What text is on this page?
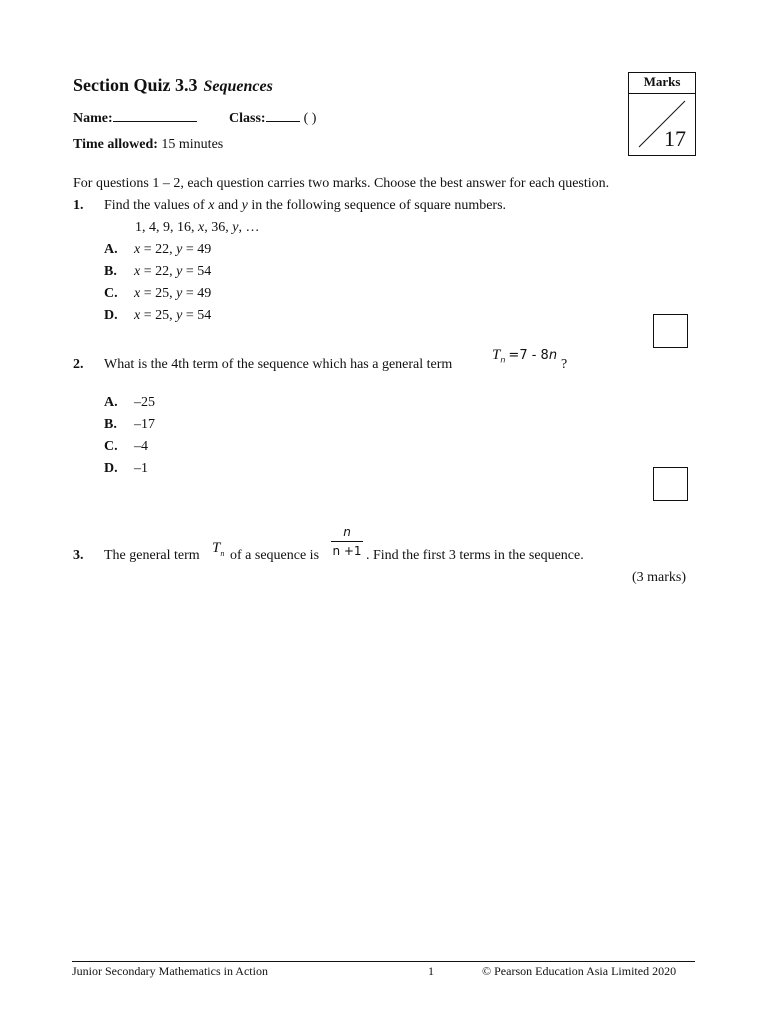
Section Quiz 3.3 Sequences
Name:	Class:	( )
Time allowed: 15 minutes
Marks
17
For questions 1 – 2, each question carries two marks. Choose the best answer for each question.
1. Find the values of x and y in the following sequence of square numbers.
1, 4, 9, 16, x, 36, y, …
A. x = 22, y = 49
B. x = 22, y = 54
C. x = 25, y = 49
D. x = 25, y = 54
2. What is the 4th term of the sequence which has a general term
$T_n =7 - 8n$
?
A. –25
B. –17
C. –4
D. –1
3. The general term $T_n$ of a sequence is $\frac{n}{n +1}$ . Find the first 3 terms in the sequence.
(3 marks)
Junior Secondary Mathematics in Action	1	© Pearson Education Asia Limited 2020
